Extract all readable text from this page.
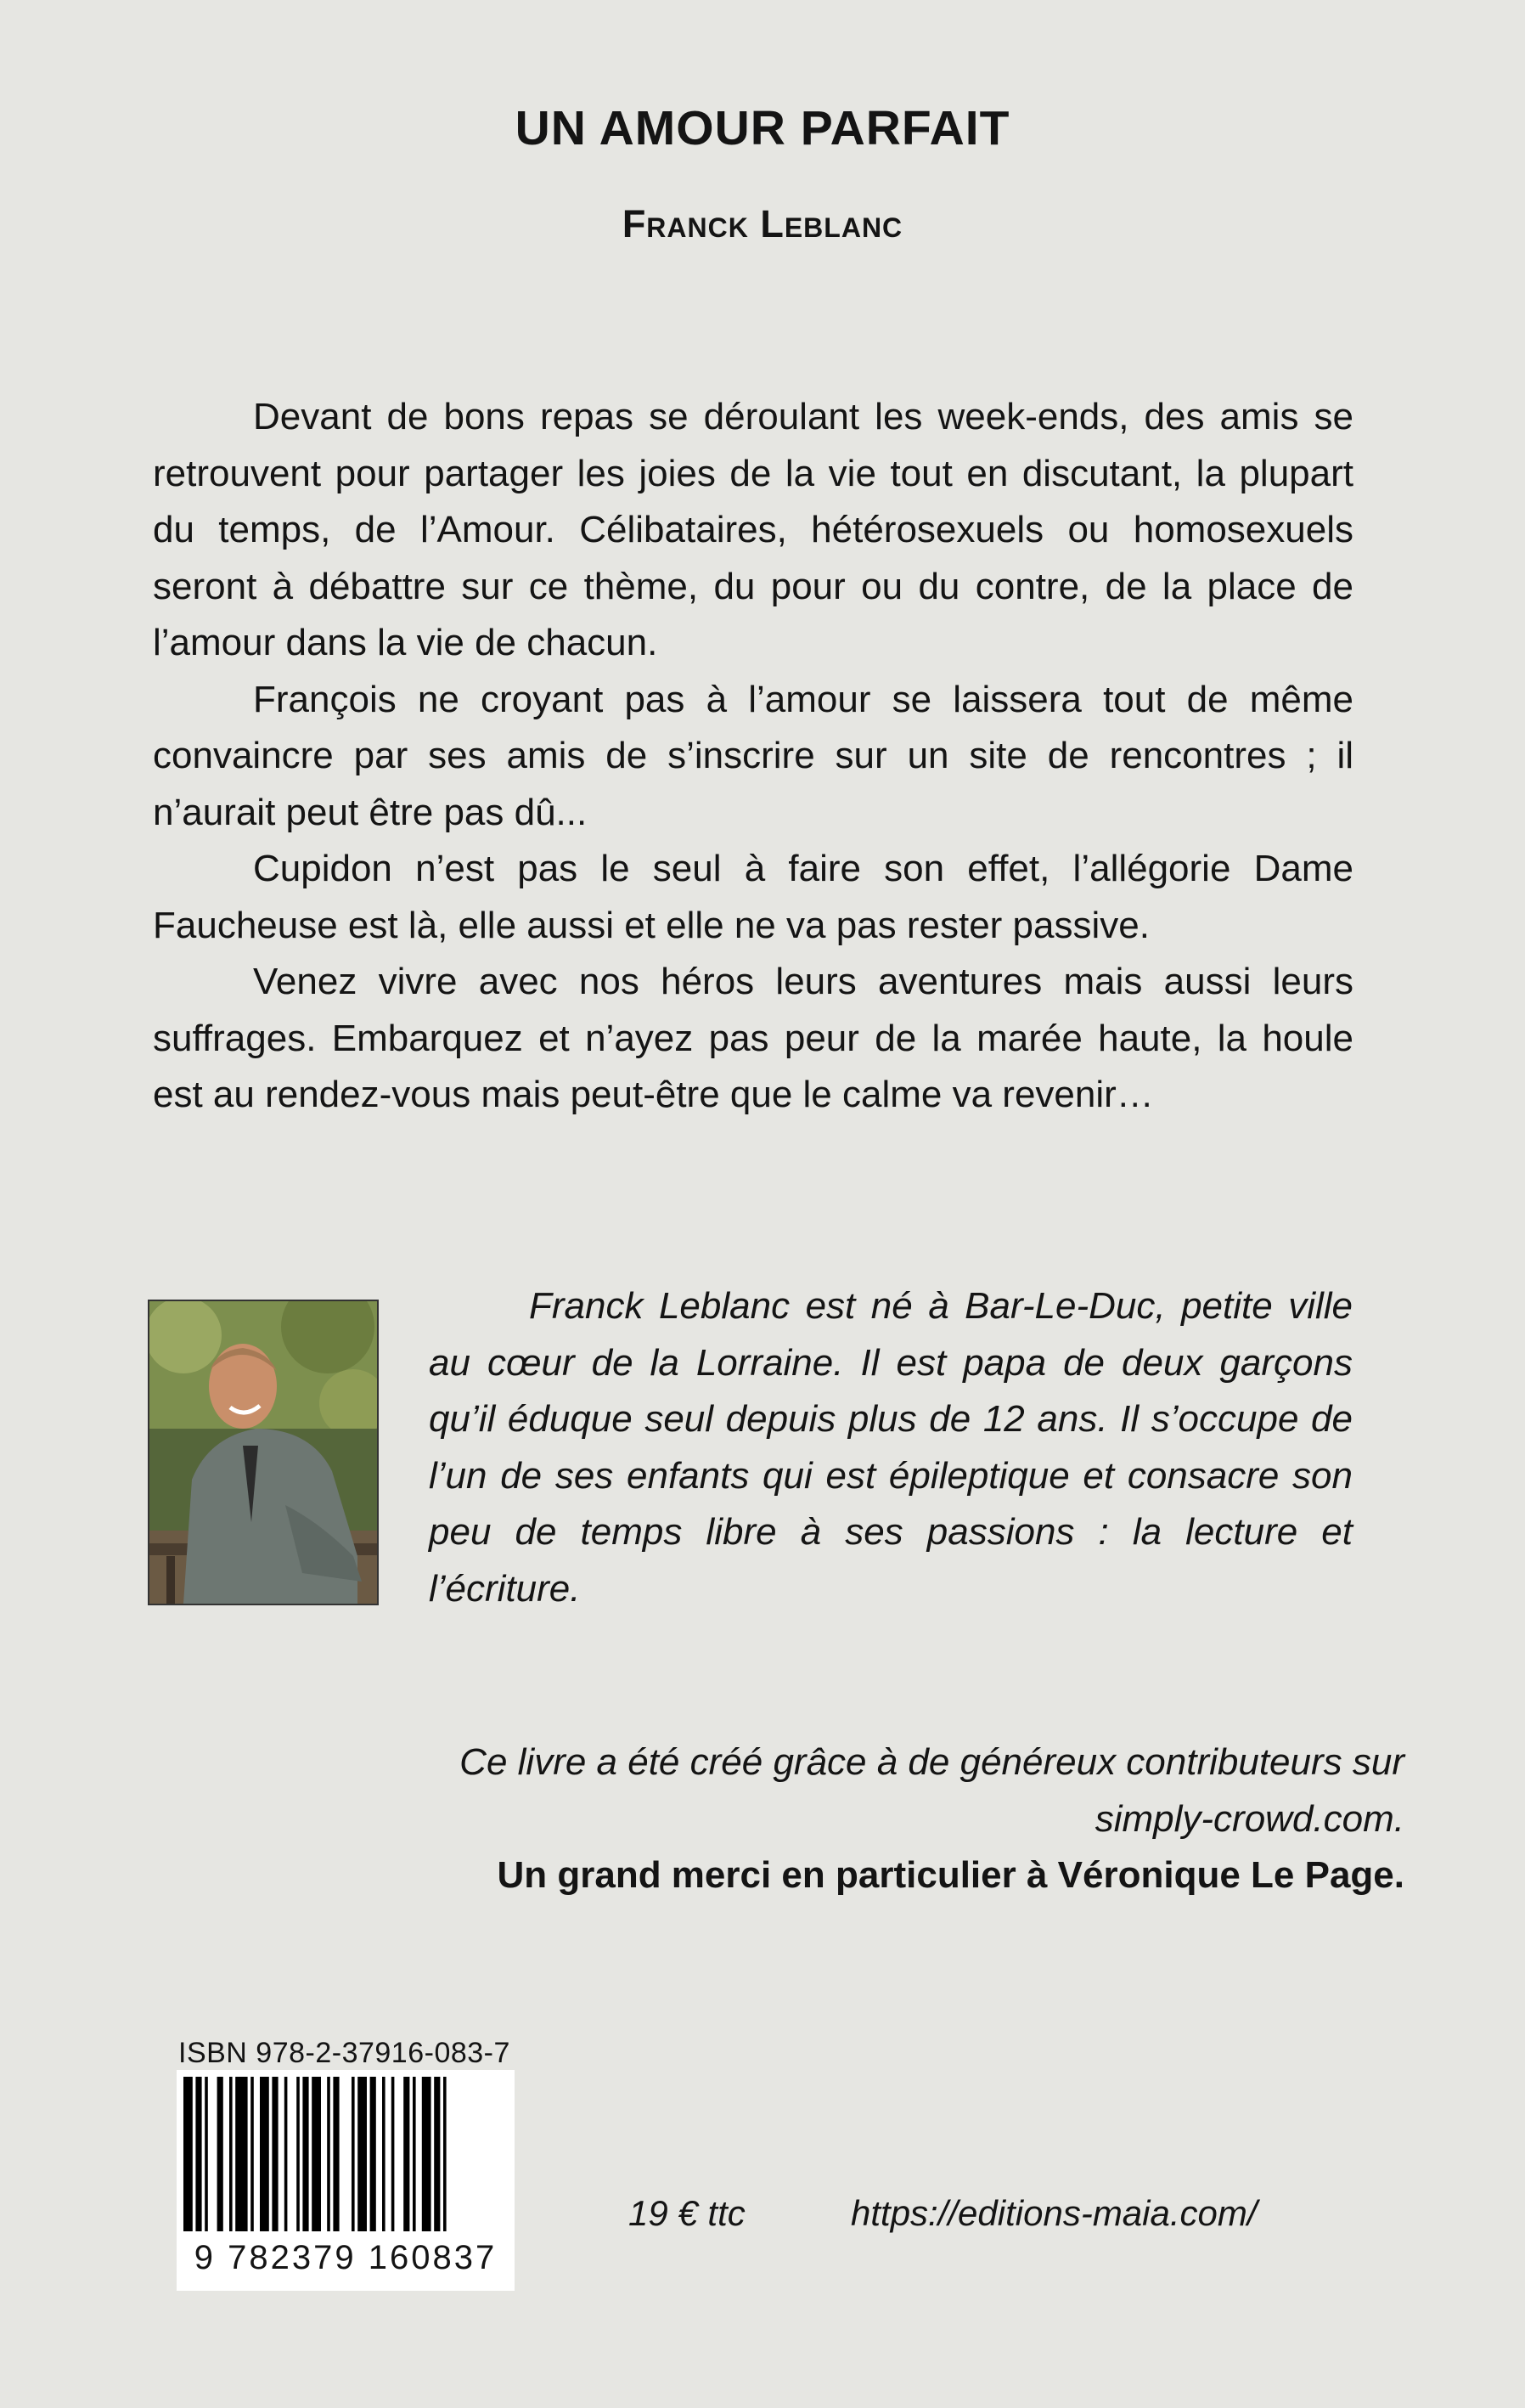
UN AMOUR PARFAIT
Franck Leblanc

Devant de bons repas se déroulant les week-ends, des amis se retrouvent pour partager les joies de la vie tout en discutant, la plupart du temps, de l’Amour. Célibataires, hétérosexuels ou homosexuels seront à débattre sur ce thème, du pour ou du contre, de la place de l’amour dans la vie de chacun.

François ne croyant pas à l’amour se laissera tout de même convaincre par ses amis de s’inscrire sur un site de rencontres ; il n’aurait peut être pas dû...

Cupidon n’est pas le seul à faire son effet, l’allégorie Dame Faucheuse est là, elle aussi et elle ne va pas rester passive.

Venez vivre avec nos héros leurs aventures mais aussi leurs suffrages. Embarquez et n’ayez pas peur de la marée haute, la houle est au rendez-vous mais peut-être que le calme va revenir…

Franck Leblanc est né à Bar-Le-Duc, petite ville au cœur de la Lorraine. Il est papa de deux garçons qu’il éduque seul depuis plus de 12 ans. Il s’occupe de l’un de ses enfants qui est épileptique et consacre son peu de temps libre à ses passions : la lecture et l’écriture.

Ce livre a été créé grâce à de généreux contributeurs sur
simply-crowd.com.
Un grand merci en particulier à Véronique Le Page.
ISBN 978-2-37916-083-7
9 782379 160837
19 € ttc	https://editions-maia.com/
